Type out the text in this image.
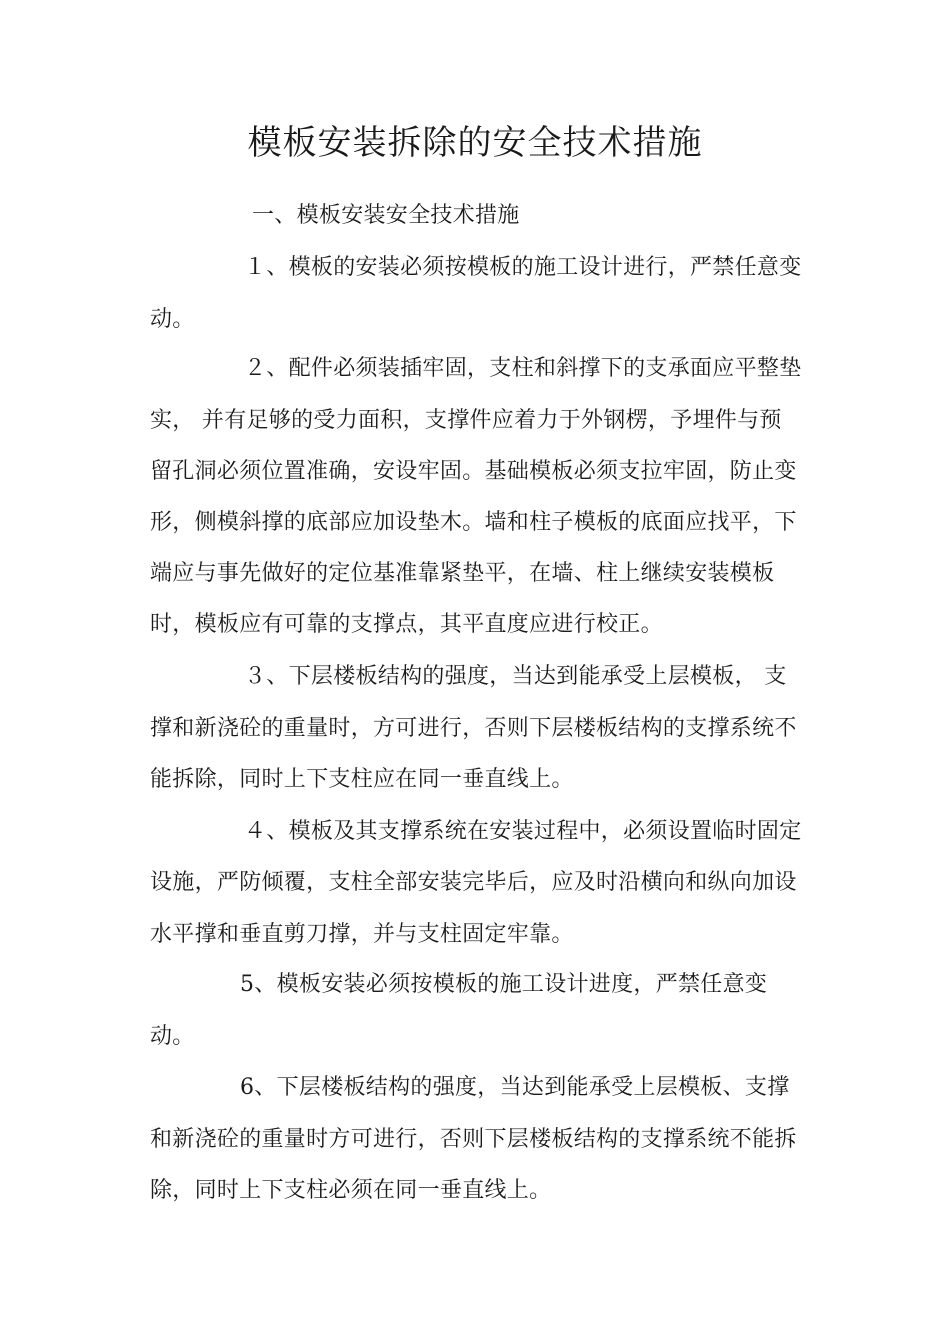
模板安装拆除的安全技术措施
一、模板安装安全技术措施
１、模板的安装必须按模板的施工设计进行，严禁任意变
动。
２、配件必须装插牢固，支柱和斜撑下的支承面应平整垫
实， 并有足够的受力面积，支撑件应着力于外钢楞，予埋件与预
留孔洞必须位置准确，安设牢固。基础模板必须支拉牢固，防止变
形，侧模斜撑的底部应加设垫木。墙和柱子模板的底面应找平，下
端应与事先做好的定位基准靠紧垫平，在墙、柱上继续安装模板
时，模板应有可靠的支撑点，其平直度应进行校正。
３、下层楼板结构的强度，当达到能承受上层模板， 支
撑和新浇砼的重量时，方可进行，否则下层楼板结构的支撑系统不
能拆除，同时上下支柱应在同一垂直线上。
４、模板及其支撑系统在安装过程中，必须设置临时固定
设施，严防倾覆，支柱全部安装完毕后，应及时沿横向和纵向加设
水平撑和垂直剪刀撑，并与支柱固定牢靠。
5、模板安装必须按模板的施工设计进度，严禁任意变
动。
6、下层楼板结构的强度，当达到能承受上层模板、支撑
和新浇砼的重量时方可进行，否则下层楼板结构的支撑系统不能拆
除，同时上下支柱必须在同一垂直线上。
